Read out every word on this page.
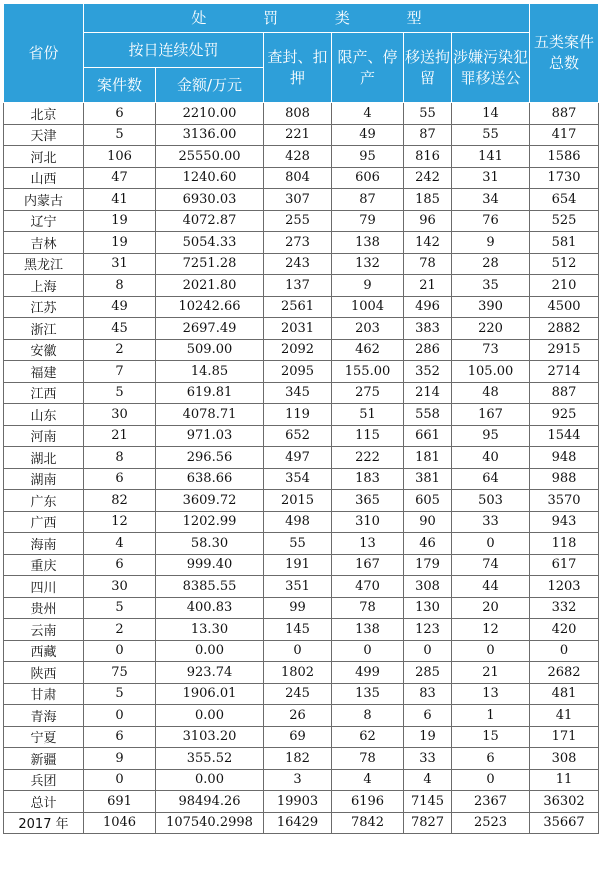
省份	处 罚 类 型						五类案件总数
	按日连续处罚		查封、扣押	限产、停产	移送拘留	涉嫌污染犯罪移送公	
	案件数	金额/万元					
北京	6	2210.00	808	4	55	14	887
天津	5	3136.00	221	49	87	55	417
河北	106	25550.00	428	95	816	141	1586
山西	47	1240.60	804	606	242	31	1730
内蒙古	41	6930.03	307	87	185	34	654
辽宁	19	4072.87	255	79	96	76	525
吉林	19	5054.33	273	138	142	9	581
黑龙江	31	7251.28	243	132	78	28	512
上海	8	2021.80	137	9	21	35	210
江苏	49	10242.66	2561	1004	496	390	4500
浙江	45	2697.49	2031	203	383	220	2882
安徽	2	509.00	2092	462	286	73	2915
福建	7	14.85	2095	155.00	352	105.00	2714
江西	5	619.81	345	275	214	48	887
山东	30	4078.71	119	51	558	167	925
河南	21	971.03	652	115	661	95	1544
湖北	8	296.56	497	222	181	40	948
湖南	6	638.66	354	183	381	64	988
广东	82	3609.72	2015	365	605	503	3570
广西	12	1202.99	498	310	90	33	943
海南	4	58.30	55	13	46	0	118
重庆	6	999.40	191	167	179	74	617
四川	30	8385.55	351	470	308	44	1203
贵州	5	400.83	99	78	130	20	332
云南	2	13.30	145	138	123	12	420
西藏	0	0.00	0	0	0	0	0
陕西	75	923.74	1802	499	285	21	2682
甘肃	5	1906.01	245	135	83	13	481
青海	0	0.00	26	8	6	1	41
宁夏	6	3103.20	69	62	19	15	171
新疆	9	355.52	182	78	33	6	308
兵团	0	0.00	3	4	4	0	11
总计	691	98494.26	19903	6196	7145	2367	36302
2017 年	1046	107540.2998	16429	7842	7827	2523	35667
